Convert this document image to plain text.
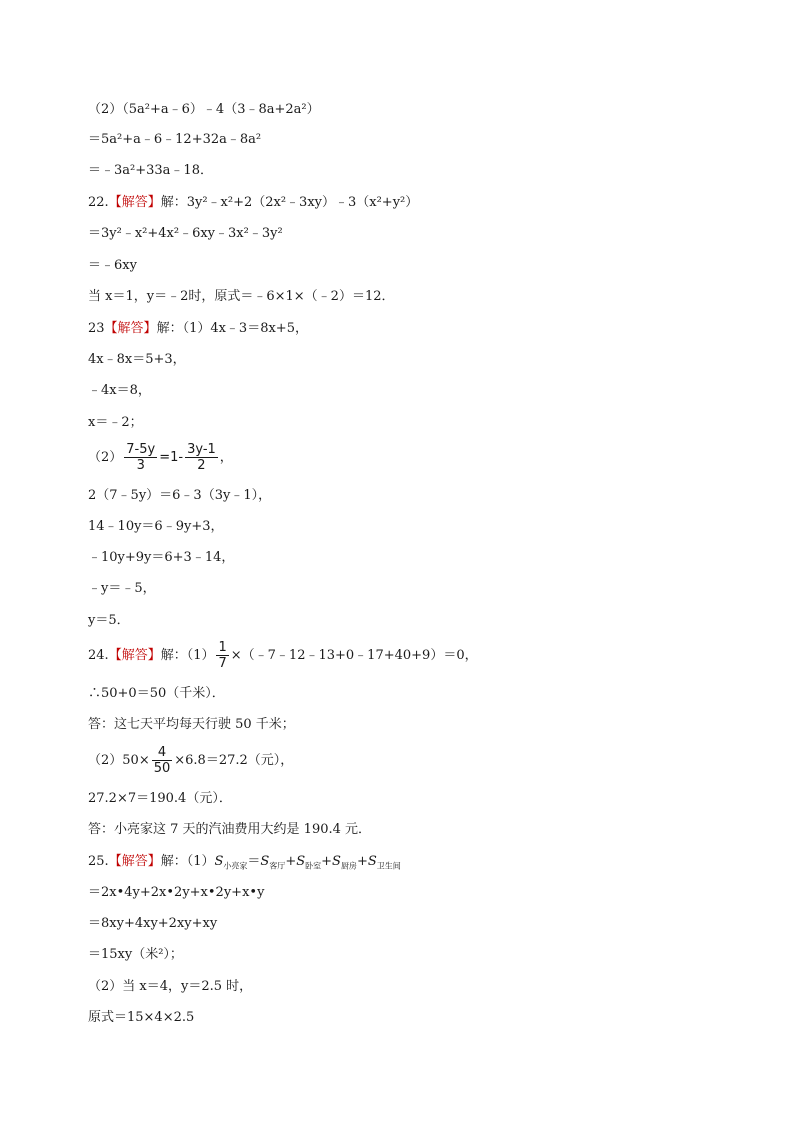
（2）（5a²+a﹣6）﹣4（3﹣8a+2a²）
＝5a²+a﹣6﹣12+32a﹣8a²
＝﹣3a²+33a﹣18．
22.【解答】解：3y²﹣x²+2（2x²﹣3xy）﹣3（x²+y²）
＝3y²﹣x²+4x²﹣6xy﹣3x²﹣3y²
＝﹣6xy
当 x＝1，y＝﹣2时，原式＝﹣6×1×（﹣2）＝12．
23【解答】解：（1）4x﹣3＝8x+5，
4x﹣8x＝5+3，
﹣4x＝8，
x＝﹣2；
$(2) \frac{7-5y}{3} =1- \frac{3y-1}{2}$ ，
2（7﹣5y）＝6﹣3（3y﹣1），
14﹣10y＝6﹣9y+3，
﹣10y+9y＝6+3﹣14，
﹣y＝﹣5，
y＝5．
24.【解答】解：$(1) \frac{1}{7}$ ×（﹣7﹣12﹣13+0﹣17+40+9）＝0，
∴50+0＝50（千米）．
答：这七天平均每天行驶 50 千米；
$(2)50\times \frac{4}{50} \times 6.8=27.2$（元），
27.2×7＝190.4（元）．
答：小亮家这 7 天的汽油费用大约是 190.4 元．
25.【解答】解：$(1)S_{小亮家}=S_{客厅}+S_{卧室}+S_{厨房}+S_{卫生间}$
＝2x•4y+2x•2y+x•2y+x•y
＝8xy+4xy+2xy+xy
＝15xy（米²）；
（2）当 x＝4，y＝2.5 时，
原式＝15×4×2.5
